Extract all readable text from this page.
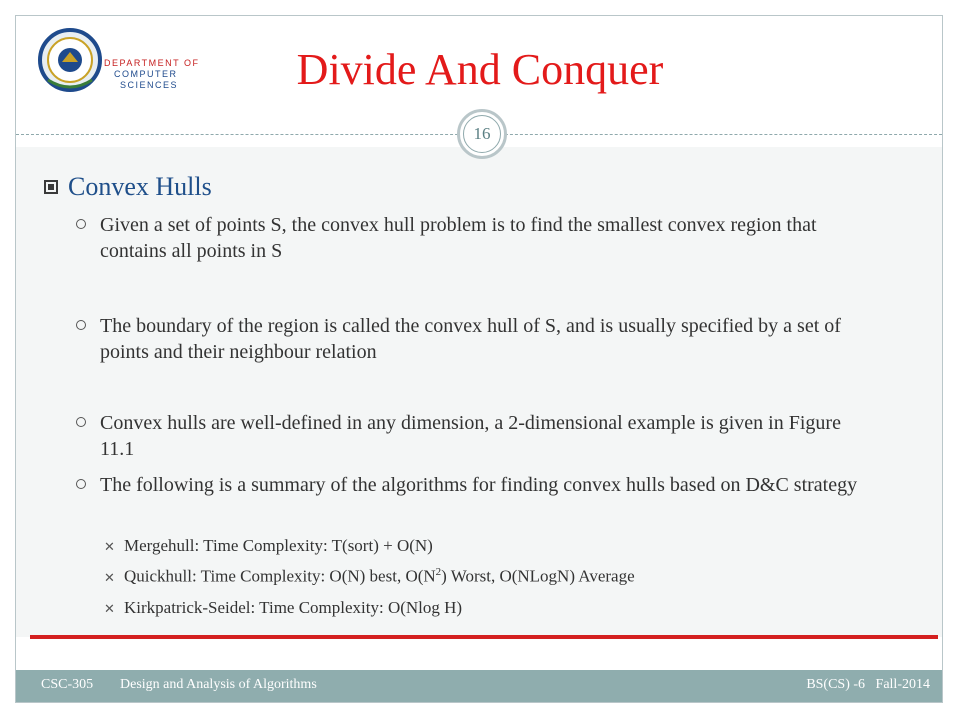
DEPARTMENT OF
COMPUTER
SCIENCES	Divide And Conquer
16
Convex Hulls
Given a set of points S, the convex hull problem is to find the smallest convex region that contains all points in S
The boundary of the region is called the convex hull of S, and is usually specified by a set of points and their neighbour relation
Convex hulls are well-defined in any dimension, a 2-dimensional example is given in Figure 11.1
The following is a summary of the algorithms for finding convex hulls based on D&C strategy
✕ Mergehull: Time Complexity: T(sort) + O(N)
✕ Quickhull: Time Complexity: O(N) best, $O(N^2)$ Worst, O(NLogN) Average
✕ Kirkpatrick-Seidel: Time Complexity: O(Nlog H)
CSC-305 Design and Analysis of Algorithms	BS(CS) -6   Fall-2014
